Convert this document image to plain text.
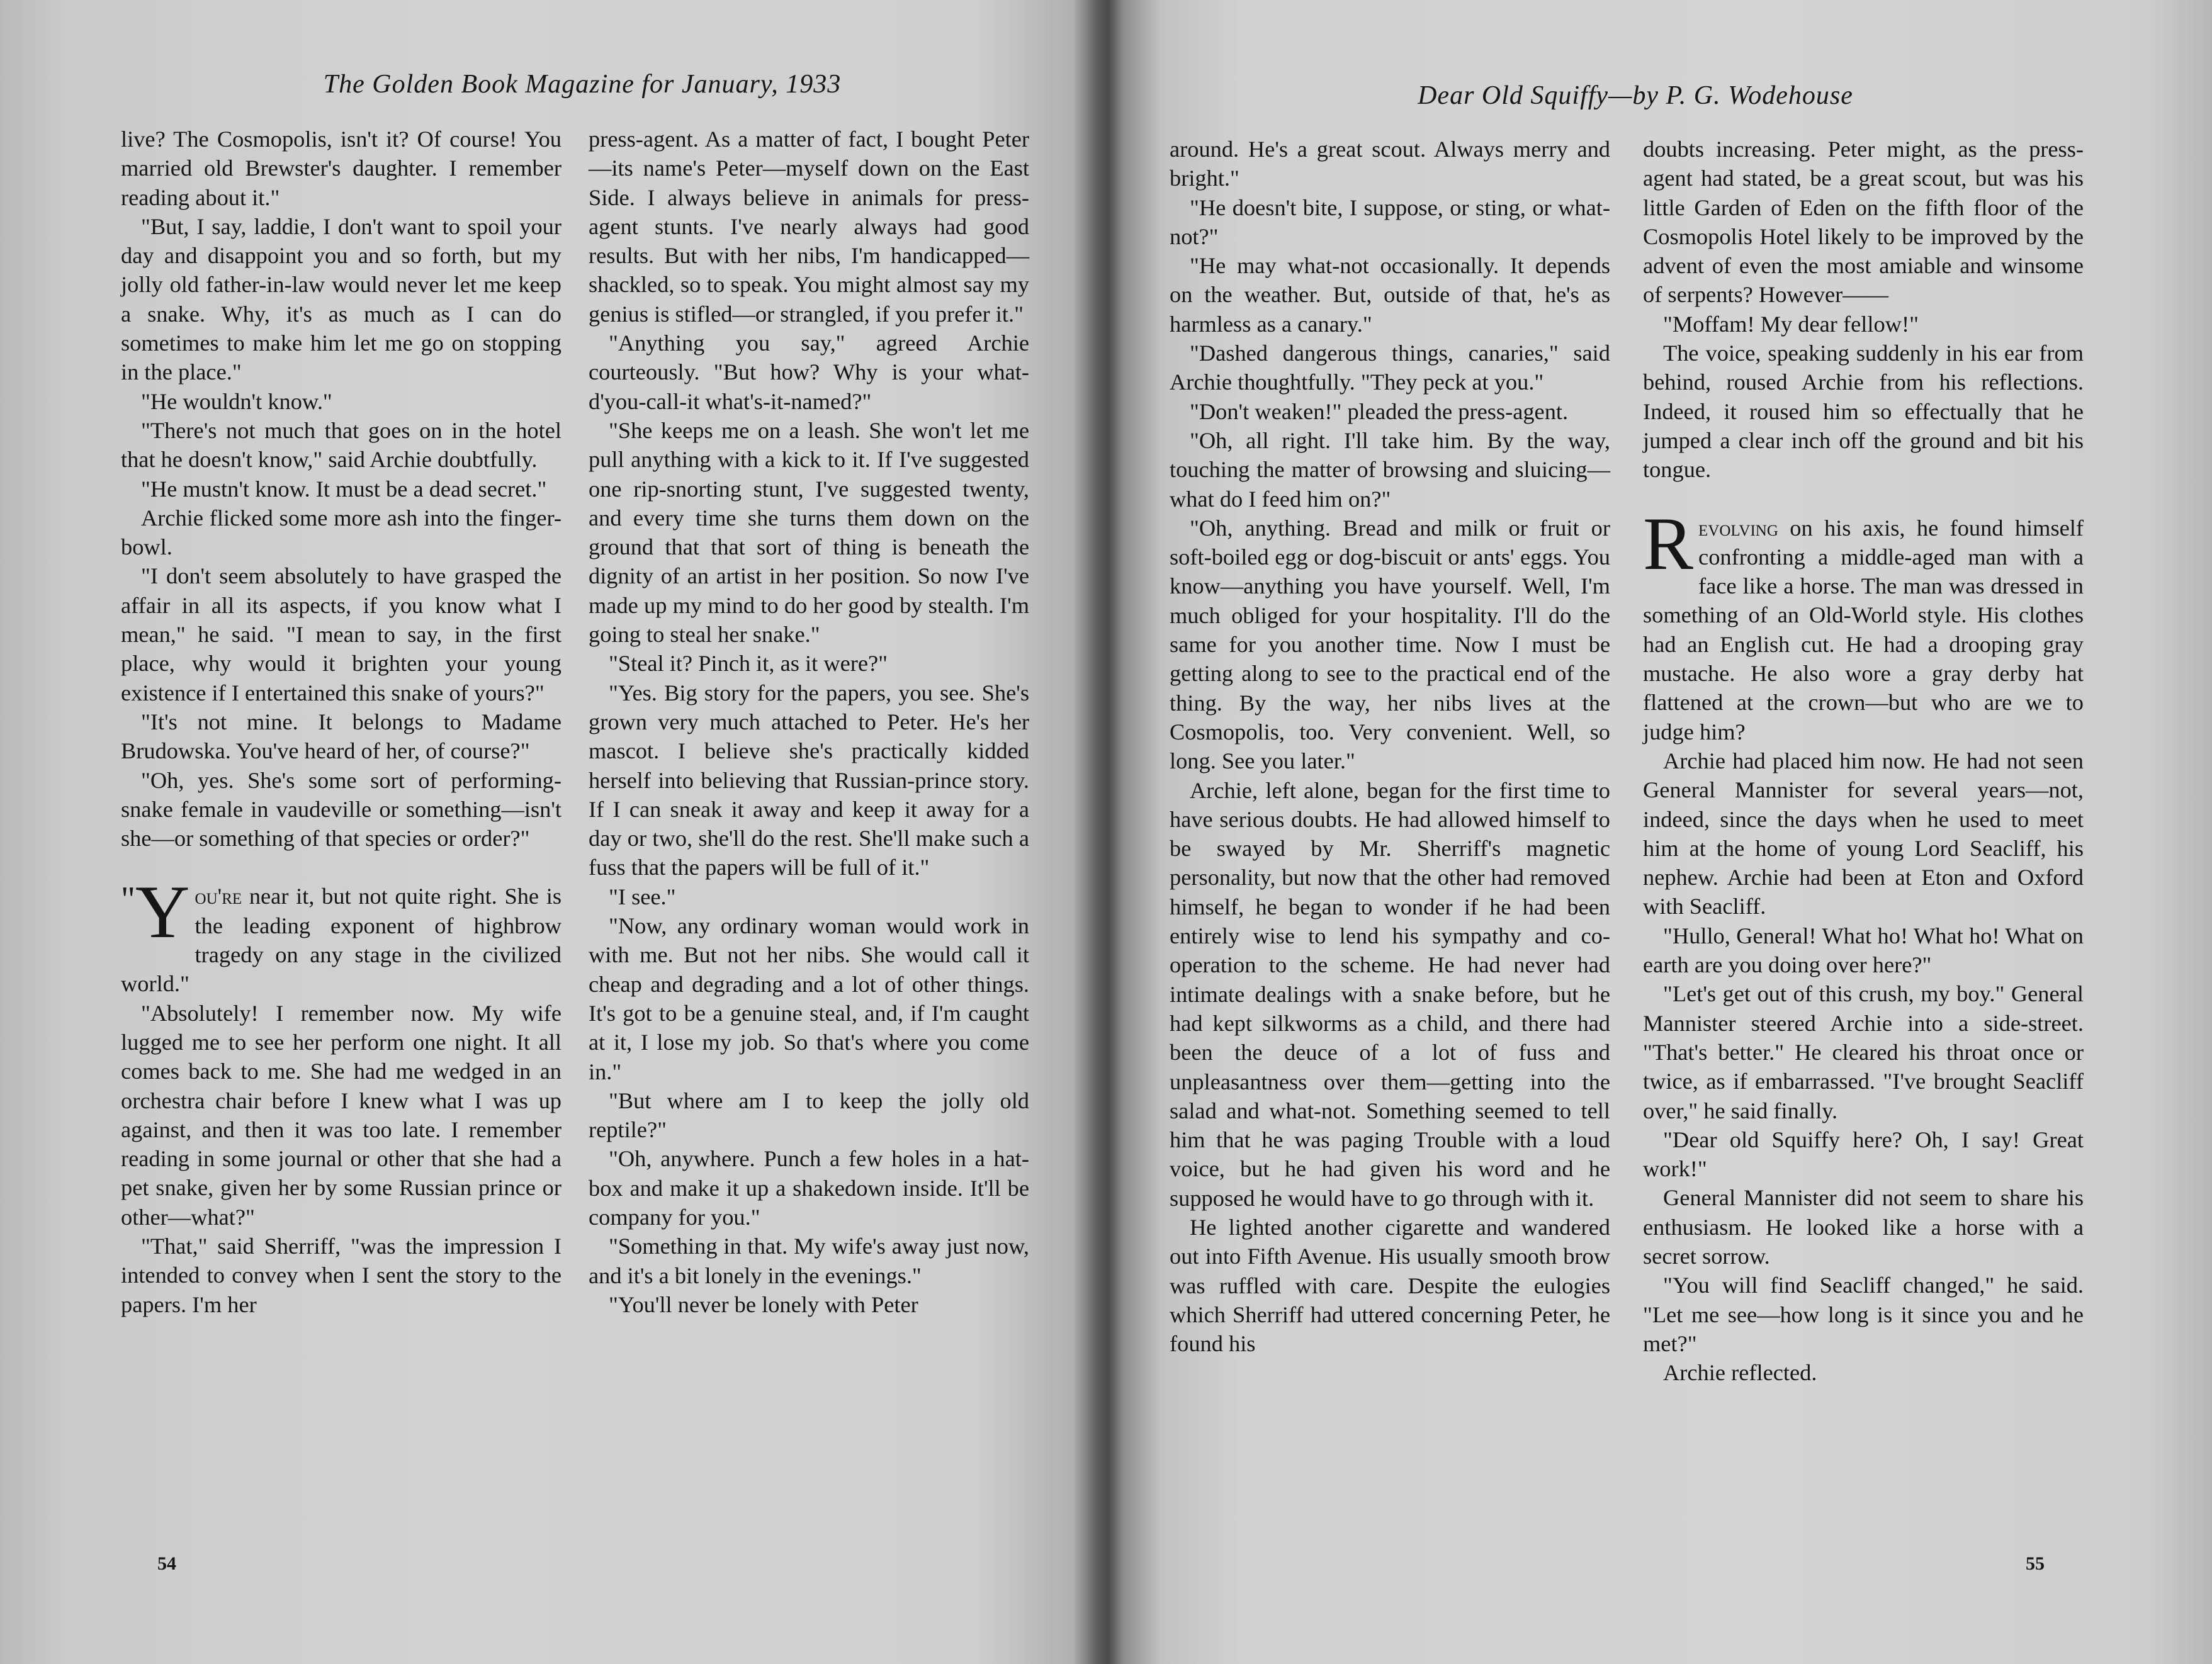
The Golden Book Magazine for January, 1933

live? The Cosmopolis, isn't it? Of course! You married old Brewster's daughter. I remember reading about it."

"But, I say, laddie, I don't want to spoil your day and disappoint you and so forth, but my jolly old father-in-law would never let me keep a snake. Why, it's as much as I can do sometimes to make him let me go on stopping in the place."

"He wouldn't know."

"There's not much that goes on in the hotel that he doesn't know," said Archie doubtfully.

"He mustn't know. It must be a dead secret."

Archie flicked some more ash into the finger-bowl.

"I don't seem absolutely to have grasped the affair in all its aspects, if you know what I mean," he said. "I mean to say, in the first place, why would it brighten your young existence if I entertained this snake of yours?"

"It's not mine. It belongs to Madame Brudowska. You've heard of her, of course?"

"Oh, yes. She's some sort of performing-snake female in vaudeville or something—isn't she—or something of that species or order?"

" Y ou're near it, but not quite right. She is the leading exponent of highbrow tragedy on any stage in the civilized world."

"Absolutely! I remember now. My wife lugged me to see her perform one night. It all comes back to me. She had me wedged in an orchestra chair before I knew what I was up against, and then it was too late. I remember reading in some journal or other that she had a pet snake, given her by some Russian prince or other—what?"

"That," said Sherriff, "was the impression I intended to convey when I sent the story to the papers. I'm her

press-agent. As a matter of fact, I bought Peter—its name's Peter—myself down on the East Side. I always believe in animals for press-agent stunts. I've nearly always had good results. But with her nibs, I'm handicapped—shackled, so to speak. You might almost say my genius is stifled—or strangled, if you prefer it."

"Anything you say," agreed Archie courteously. "But how? Why is your what-d'you-call-it what's-it-named?"

"She keeps me on a leash. She won't let me pull anything with a kick to it. If I've suggested one rip-snorting stunt, I've suggested twenty, and every time she turns them down on the ground that that sort of thing is beneath the dignity of an artist in her position. So now I've made up my mind to do her good by stealth. I'm going to steal her snake."

"Steal it? Pinch it, as it were?"

"Yes. Big story for the papers, you see. She's grown very much attached to Peter. He's her mascot. I believe she's practically kidded herself into believing that Russian-prince story. If I can sneak it away and keep it away for a day or two, she'll do the rest. She'll make such a fuss that the papers will be full of it."

"I see."

"Now, any ordinary woman would work in with me. But not her nibs. She would call it cheap and degrading and a lot of other things. It's got to be a genuine steal, and, if I'm caught at it, I lose my job. So that's where you come in."

"But where am I to keep the jolly old reptile?"

"Oh, anywhere. Punch a few holes in a hat-box and make it up a shakedown inside. It'll be company for you."

"Something in that. My wife's away just now, and it's a bit lonely in the evenings."

"You'll never be lonely with Peter

54
Dear Old Squiffy—by P. G. Wodehouse

around. He's a great scout. Always merry and bright."

"He doesn't bite, I suppose, or sting, or what-not?"

"He may what-not occasionally. It depends on the weather. But, outside of that, he's as harmless as a canary."

"Dashed dangerous things, canaries," said Archie thoughtfully. "They peck at you."

"Don't weaken!" pleaded the press-agent.

"Oh, all right. I'll take him. By the way, touching the matter of browsing and sluicing—what do I feed him on?"

"Oh, anything. Bread and milk or fruit or soft-boiled egg or dog-biscuit or ants' eggs. You know—anything you have yourself. Well, I'm much obliged for your hospitality. I'll do the same for you another time. Now I must be getting along to see to the practical end of the thing. By the way, her nibs lives at the Cosmopolis, too. Very convenient. Well, so long. See you later."

Archie, left alone, began for the first time to have serious doubts. He had allowed himself to be swayed by Mr. Sherriff's magnetic personality, but now that the other had removed himself, he began to wonder if he had been entirely wise to lend his sympathy and co-operation to the scheme. He had never had intimate dealings with a snake before, but he had kept silkworms as a child, and there had been the deuce of a lot of fuss and unpleasantness over them—getting into the salad and what-not. Something seemed to tell him that he was paging Trouble with a loud voice, but he had given his word and he supposed he would have to go through with it.

He lighted another cigarette and wandered out into Fifth Avenue. His usually smooth brow was ruffled with care. Despite the eulogies which Sherriff had uttered concerning Peter, he found his

doubts increasing. Peter might, as the press-agent had stated, be a great scout, but was his little Garden of Eden on the fifth floor of the Cosmopolis Hotel likely to be improved by the advent of even the most amiable and winsome of serpents? However——

"Moffam! My dear fellow!"

The voice, speaking suddenly in his ear from behind, roused Archie from his reflections. Indeed, it roused him so effectually that he jumped a clear inch off the ground and bit his tongue.

Revolving on his axis, he found himself confronting a middle-aged man with a face like a horse. The man was dressed in something of an Old-World style. His clothes had an English cut. He had a drooping gray mustache. He also wore a gray derby hat flattened at the crown—but who are we to judge him?

Archie had placed him now. He had not seen General Mannister for several years—not, indeed, since the days when he used to meet him at the home of young Lord Seacliff, his nephew. Archie had been at Eton and Oxford with Seacliff.

"Hullo, General! What ho! What ho! What on earth are you doing over here?"

"Let's get out of this crush, my boy." General Mannister steered Archie into a side-street. "That's better." He cleared his throat once or twice, as if embarrassed. "I've brought Seacliff over," he said finally.

"Dear old Squiffy here? Oh, I say! Great work!"

General Mannister did not seem to share his enthusiasm. He looked like a horse with a secret sorrow.

"You will find Seacliff changed," he said. "Let me see—how long is it since you and he met?"

Archie reflected.

55
